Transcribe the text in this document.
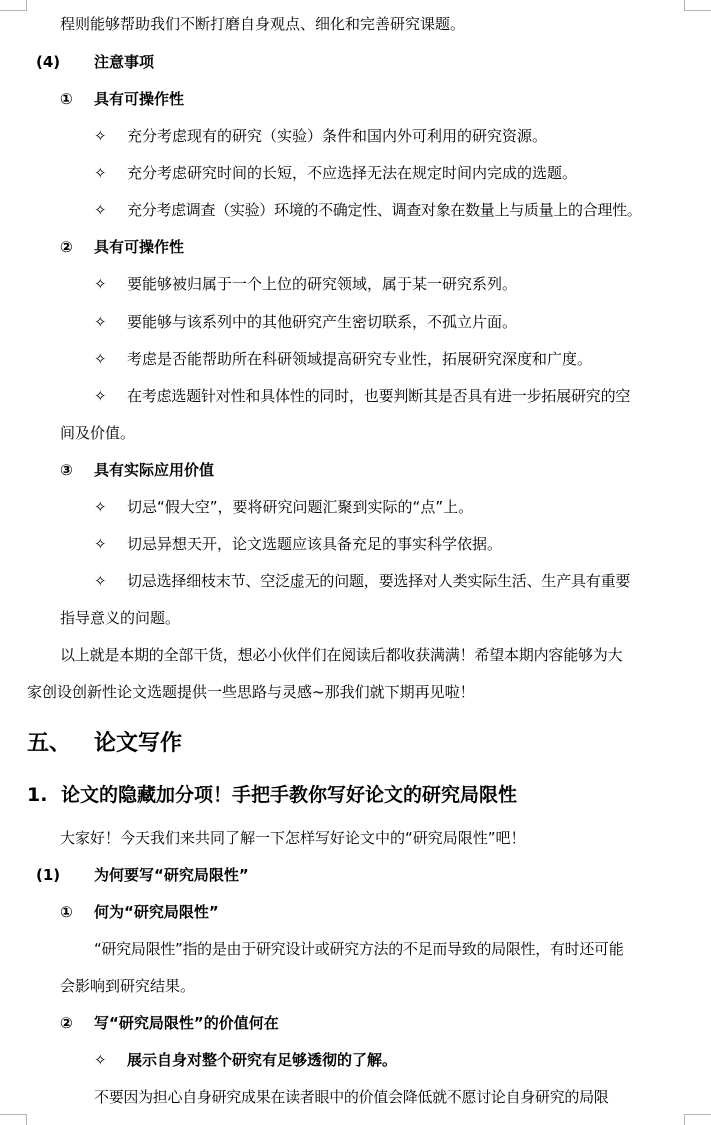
程则能够帮助我们不断打磨自身观点、细化和完善研究课题。
(4) 注意事项
① 具有可操作性
✧ 充分考虑现有的研究（实验）条件和国内外可利用的研究资源。
✧ 充分考虑研究时间的长短，不应选择无法在规定时间内完成的选题。
✧ 充分考虑调查（实验）环境的不确定性、调查对象在数量上与质量上的合理性。
② 具有可操作性
✧ 要能够被归属于一个上位的研究领域，属于某一研究系列。
✧ 要能够与该系列中的其他研究产生密切联系，不孤立片面。
✧ 考虑是否能帮助所在科研领域提高研究专业性，拓展研究深度和广度。
✧ 在考虑选题针对性和具体性的同时，也要判断其是否具有进一步拓展研究的空
间及价值。
③ 具有实际应用价值
✧ 切忌“假大空”，要将研究问题汇聚到实际的“点”上。
✧ 切忌异想天开，论文选题应该具备充足的事实科学依据。
✧ 切忌选择细枝末节、空泛虚无的问题，要选择对人类实际生活、生产具有重要
指导意义的问题。
以上就是本期的全部干货，想必小伙伴们在阅读后都收获满满！希望本期内容能够为大
家创设创新性论文选题提供一些思路与灵感~那我们就下期再见啦！
五、 论文写作
1. 论文的隐藏加分项！手把手教你写好论文的研究局限性
大家好！今天我们来共同了解一下怎样写好论文中的“研究局限性”吧！
(1) 为何要写“研究局限性”
① 何为“研究局限性”
“研究局限性”指的是由于研究设计或研究方法的不足而导致的局限性，有时还可能
会影响到研究结果。
② 写“研究局限性”的价值何在
✧ 展示自身对整个研究有足够透彻的了解。
不要因为担心自身研究成果在读者眼中的价值会降低就不愿讨论自身研究的局限
